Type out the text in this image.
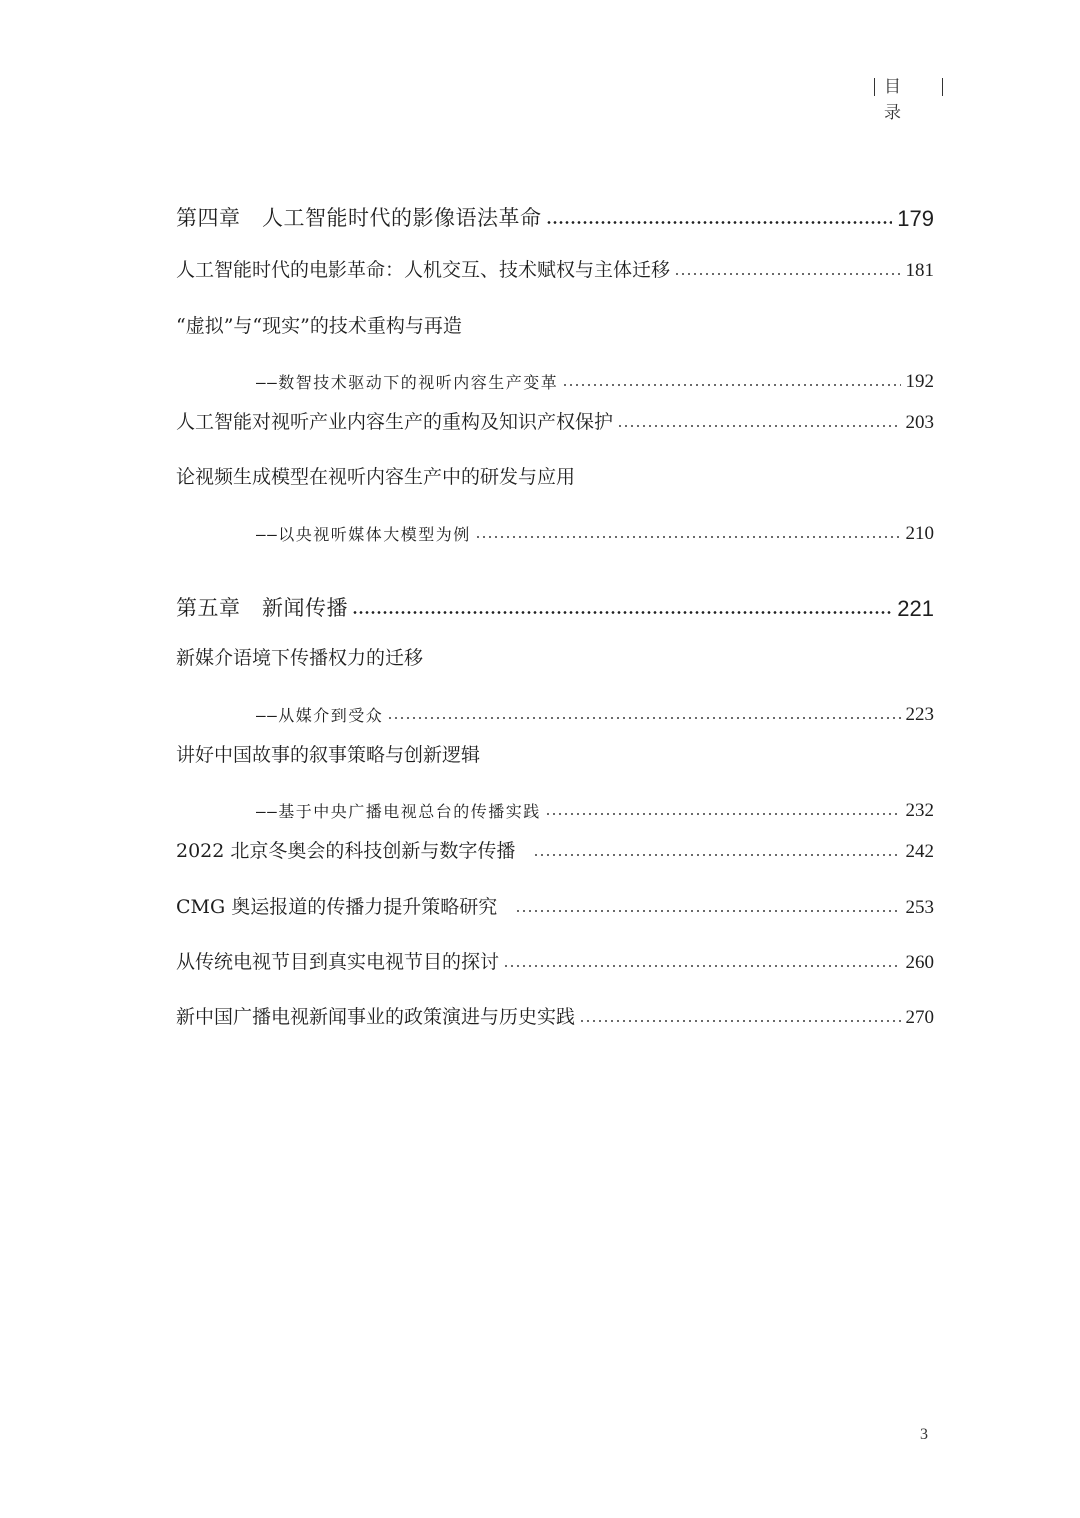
目 录
第四章　人工智能时代的影像语法革命	179
人工智能时代的电影革命：人机交互、技术赋权与主体迁移	181
“虚拟”与“现实”的技术重构与再造
——数智技术驱动下的视听内容生产变革	192
人工智能对视听产业内容生产的重构及知识产权保护	203
论视频生成模型在视听内容生产中的研发与应用
——以央视听媒体大模型为例	210
第五章　新闻传播	221
新媒介语境下传播权力的迁移
——从媒介到受众	223
讲好中国故事的叙事策略与创新逻辑
——基于中央广播电视总台的传播实践	232
2022 北京冬奥会的科技创新与数字传播	242
CMG 奥运报道的传播力提升策略研究	253
从传统电视节目到真实电视节目的探讨	260
新中国广播电视新闻事业的政策演进与历史实践	270
3
